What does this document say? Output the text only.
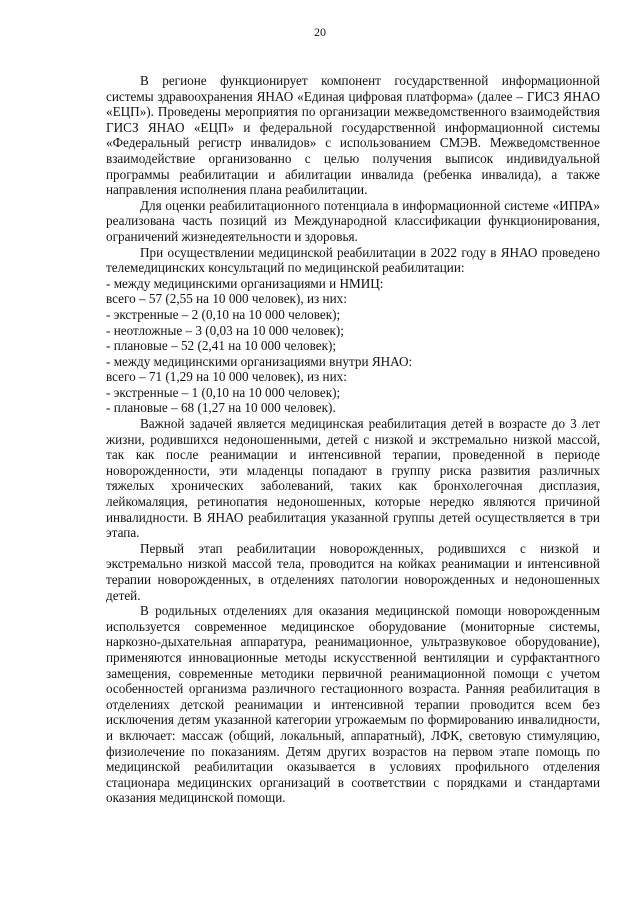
20

В регионе функционирует компонент государственной информационной системы здравоохранения ЯНАО «Единая цифровая платформа» (далее – ГИСЗ ЯНАО «ЕЦП»). Проведены мероприятия по организации межведомственного взаимодействия ГИСЗ ЯНАО «ЕЦП» и федеральной государственной информационной системы «Федеральный регистр инвалидов» с использованием СМЭВ. Межведомственное взаимодействие организованно с целью получения выписок индивидуальной программы реабилитации и абилитации инвалида (ребенка инвалида), а также направления исполнения плана реабилитации.

Для оценки реабилитационного потенциала в информационной системе «ИПРА» реализована часть позиций из Международной классификации функционирования, ограничений жизнедеятельности и здоровья.

При осуществлении медицинской реабилитации в 2022 году в ЯНАО проведено телемедицинских консультаций по медицинской реабилитации:

- между медицинскими организациями и НМИЦ:

всего – 57 (2,55 на 10 000 человек), из них:

- экстренные – 2 (0,10 на 10 000 человек);

- неотложные – 3 (0,03 на 10 000 человек);

- плановые – 52 (2,41 на 10 000 человек);

- между медицинскими организациями внутри ЯНАО:

всего – 71 (1,29 на 10 000 человек), из них:

- экстренные – 1 (0,10 на 10 000 человек);

- плановые – 68 (1,27 на 10 000 человек).

Важной задачей является медицинская реабилитация детей в возрасте до 3 лет жизни, родившихся недоношенными, детей с низкой и экстремально низкой массой, так как после реанимации и интенсивной терапии, проведенной в периоде новорожденности, эти младенцы попадают в группу риска развития различных тяжелых хронических заболеваний, таких как бронхолегочная дисплазия, лейкомаляция, ретинопатия недоношенных, которые нередко являются причиной инвалидности. В ЯНАО реабилитация указанной группы детей осуществляется в три этапа.

Первый этап реабилитации новорожденных, родившихся с низкой и экстремально низкой массой тела, проводится на койках реанимации и интенсивной терапии новорожденных, в отделениях патологии новорожденных и недоношенных детей.

В родильных отделениях для оказания медицинской помощи новорожденным используется современное медицинское оборудование (мониторные системы, наркозно-дыхательная аппаратура, реанимационное, ультразвуковое оборудование), применяются инновационные методы искусственной вентиляции и сурфактантного замещения, современные методики первичной реанимационной помощи с учетом особенностей организма различного гестационного возраста. Ранняя реабилитация в отделениях детской реанимации и интенсивной терапии проводится всем без исключения детям указанной категории угрожаемым по формированию инвалидности, и включает: массаж (общий, локальный, аппаратный), ЛФК, световую стимуляцию, физиолечение по показаниям. Детям других возрастов на первом этапе помощь по медицинской реабилитации оказывается в условиях профильного отделения стационара медицинских организаций в соответствии с порядками и стандартами оказания медицинской помощи.
